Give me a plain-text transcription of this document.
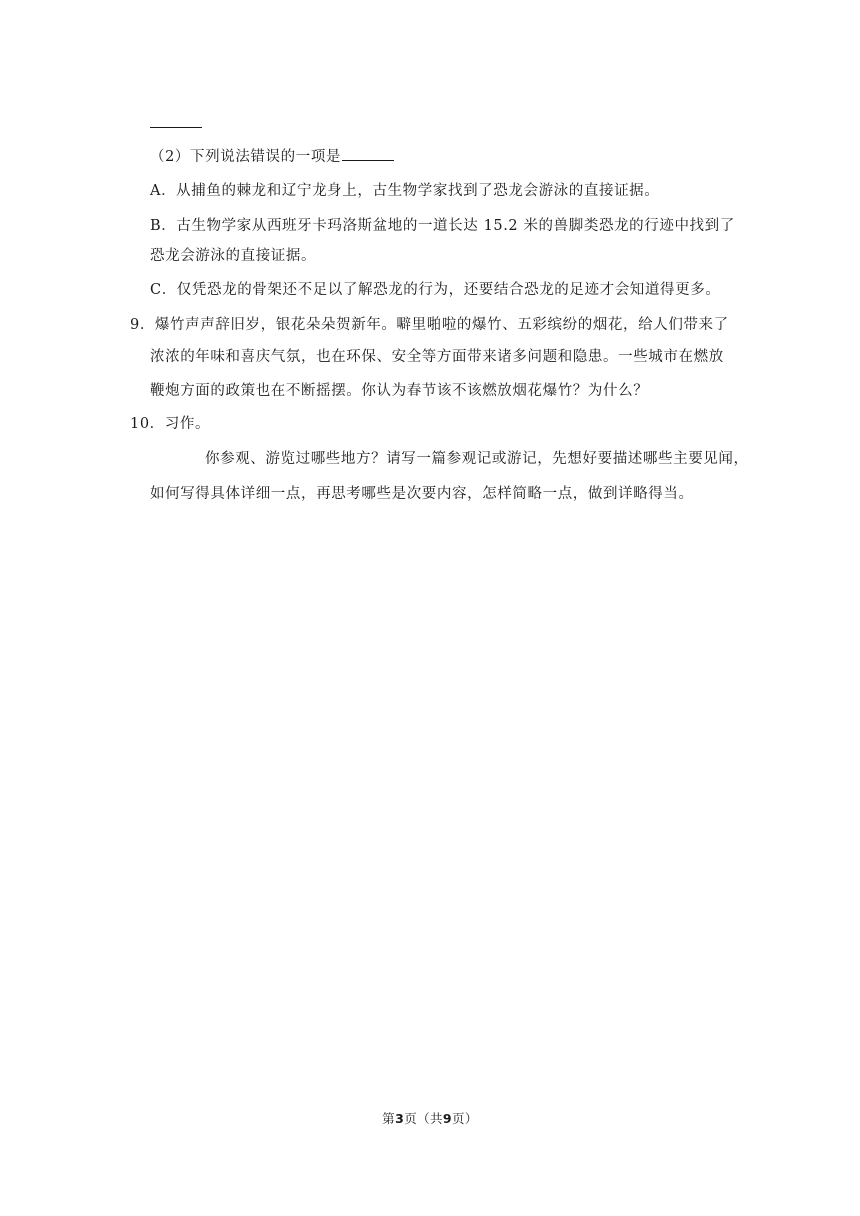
（2）下列说法错误的一项是
A．从捕鱼的棘龙和辽宁龙身上，古生物学家找到了恐龙会游泳的直接证据。
B．古生物学家从西班牙卡玛洛斯盆地的一道长达 15.2 米的兽脚类恐龙的行迹中找到了
恐龙会游泳的直接证据。
C．仅凭恐龙的骨架还不足以了解恐龙的行为，还要结合恐龙的足迹才会知道得更多。
9．爆竹声声辞旧岁，银花朵朵贺新年。噼里啪啦的爆竹、五彩缤纷的烟花，给人们带来了
浓浓的年味和喜庆气氛，也在环保、安全等方面带来诸多问题和隐患。一些城市在燃放
鞭炮方面的政策也在不断摇摆。你认为春节该不该燃放烟花爆竹？为什么？
10．习作。
你参观、游览过哪些地方？请写一篇参观记或游记，先想好要描述哪些主要见闻，
如何写得具体详细一点，再思考哪些是次要内容，怎样简略一点，做到详略得当。
第3页（共9页）
